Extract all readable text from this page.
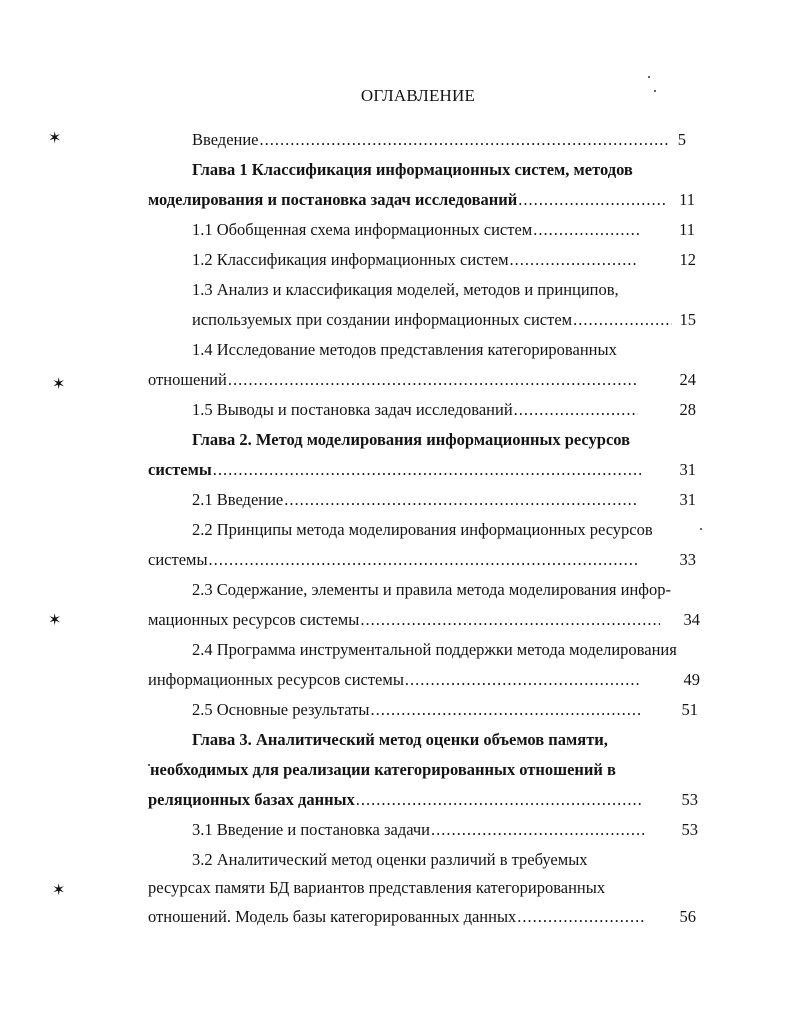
ОГЛАВЛЕНИЕ
Введение .....	5
Глава 1 Классификация информационных систем, методов
моделирования и постановка задач исследований .....	11
1.1 Обобщенная схема информационных систем .....	11
1.2 Классификация информационных систем .....	12
1.3 Анализ и классификация моделей, методов и принципов,
используемых при создании информационных систем .....	15
1.4 Исследование методов представления категорированных
отношений .....	24
1.5 Выводы и постановка задач исследований .....	28
Глава 2. Метод моделирования информационных ресурсов
системы .....	31
2.1 Введение .....	31
2.2 Принципы метода моделирования информационных ресурсов
системы .....	33
2.3 Содержание, элементы и правила метода моделирования инфор-
мационных ресурсов системы .....	34
2.4 Программа инструментальной поддержки метода моделирования
информационных ресурсов системы .....	49
2.5 Основные результаты .....	51
Глава 3. Аналитический метод оценки объемов памяти,
необходимых для реализации категорированных отношений в
реляционных базах данных .....	53
3.1 Введение и постановка задачи .....	53
3.2 Аналитический метод оценки различий в требуемых
ресурсах памяти БД вариантов представления категорированных
отношений. Модель базы категорированных данных .....	56
✶
✶
✶
✶
